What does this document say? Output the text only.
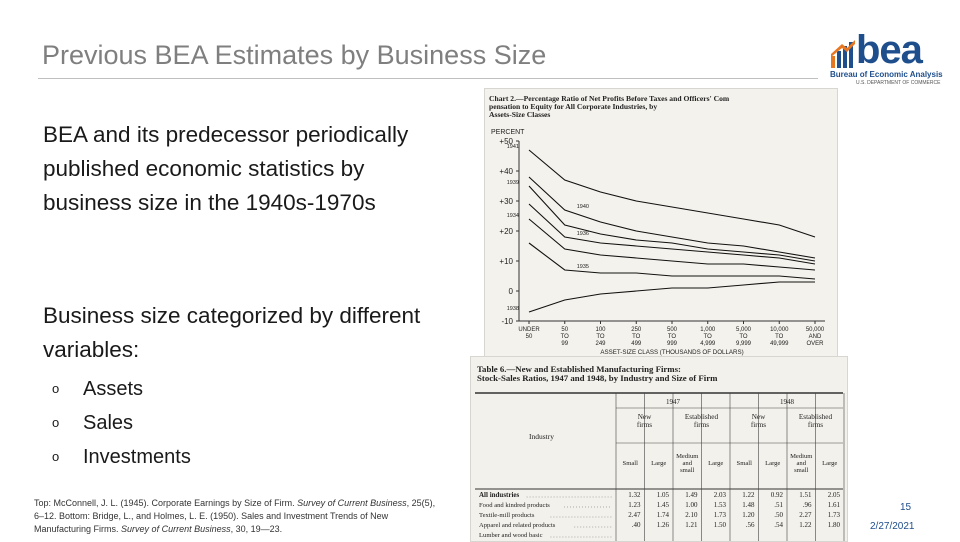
Previous BEA Estimates by Business Size	bea
Bureau of Economic Analysis
U.S. DEPARTMENT OF COMMERCE
BEA and its predecessor periodically published economic statistics by business size in the 1940s-1970s
Business size categorized by different variables:
o	Assets
o	Sales
o	Investments
Top: McConnell, J. L. (1945). Corporate Earnings by Size of Firm. Survey of Current Business, 25(5), 6–12. Bottom: Bridge, L., and Holmes, L. E. (1950). Sales and Investment Trends of New Manufacturing Firms. Survey of Current Business, 30, 19—23.
Chart 2.—Percentage Ratio of Net Profits Before Taxes and Officers' Com pensation to Equity for All Corporate Industries, by Assets-Size Classes
PERCENT
+50
+40
+30
+20
+10
0
-10
UNDER
50
50
TO
99
100
TO
249
250
TO
499
500
TO
999
1,000
TO
4,999
5,000
TO
9,999
10,000
TO
49,999
50,000
AND
OVER
ASSET-SIZE CLASS (THOUSANDS OF DOLLARS)
1941
1940
1939
1936
1934
1935
1938
Table 6.—New and Established Manufacturing Firms: Stock-Sales Ratios, 1947 and 1948, by Industry and Size of Firm
1947	1948
New
firms
Established
firms
New
firms
Established
firms
Small Large
Medium
and
small
Large Small Large
Medium
and
small
Large
Industry
All industries	1.32 1.05 1.49 2.03 1.22 0.92 1.51 2.05
Food and kindred products	1.23 1.45 1.00 1.53 1.48	.51	.96 1.61
Textile-mill products	2.47 1.74 2.10 1.73 1.20	.50 2.27 1.73
Apparel and related products	.40 1.26 1.21 1.50	.56	.54 1.22 1.80
Lumber and wood basic
15
2/27/2021
